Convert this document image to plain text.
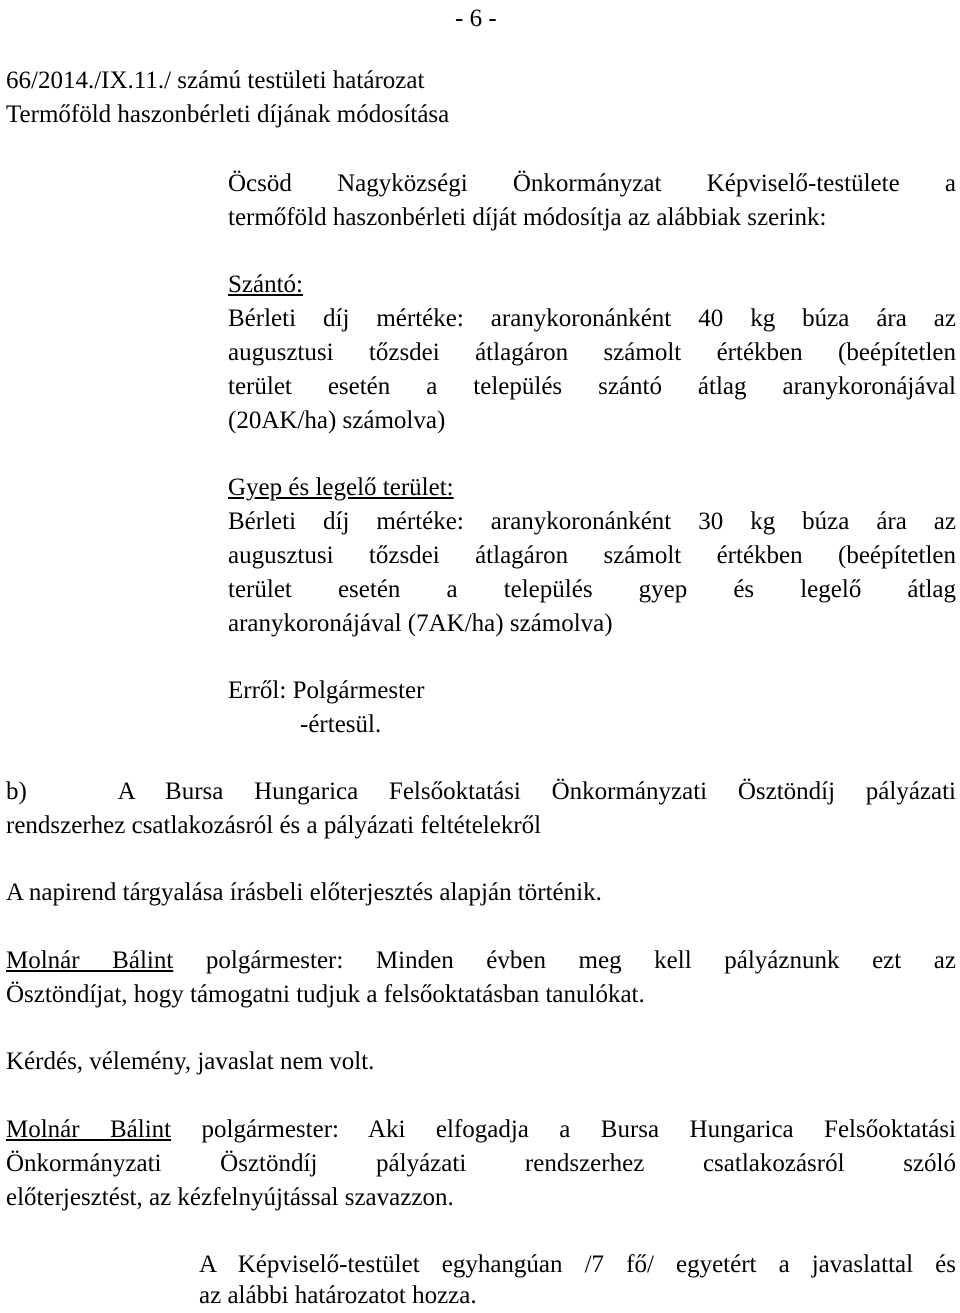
- 6 -
66/2014./IX.11./ számú testületi határozat
Termőföld haszonbérleti díjának módosítása
Öcsöd Nagyközségi Önkormányzat Képviselő-testülete a
termőföld haszonbérleti díját módosítja az alábbiak szerink:
Szántó:
Bérleti díj mértéke: aranykoronánként 40 kg búza ára az
augusztusi tőzsdei átlagáron számolt értékben (beépítetlen
terület esetén a település szántó átlag aranykoronájával
(20AK/ha) számolva)
Gyep és legelő terület:
Bérleti díj mértéke: aranykoronánként 30 kg búza ára az
augusztusi tőzsdei átlagáron számolt értékben (beépítetlen
terület esetén a település gyep és legelő átlag
aranykoronájával (7AK/ha) számolva)
Erről: Polgármester
-értesül.
b)   A Bursa Hungarica Felsőoktatási Önkormányzati Ösztöndíj pályázati
rendszerhez csatlakozásról és a pályázati feltételekről
A napirend tárgyalása írásbeli előterjesztés alapján történik.

Molnár Bálint polgármester: Minden évben meg kell pályáznunk ezt az

Ösztöndíjat, hogy támogatni tudjuk a felsőoktatásban tanulókat.
Kérdés, vélemény, javaslat nem volt.

Molnár Bálint polgármester: Aki elfogadja a Bursa Hungarica Felsőoktatási

Önkormányzati Ösztöndíj pályázati rendszerhez csatlakozásról szóló
előterjesztést, az kézfelnyújtással szavazzon.
A Képviselő-testület egyhangúan /7 fő/ egyetért a javaslattal és
az alábbi határozatot hozza.
